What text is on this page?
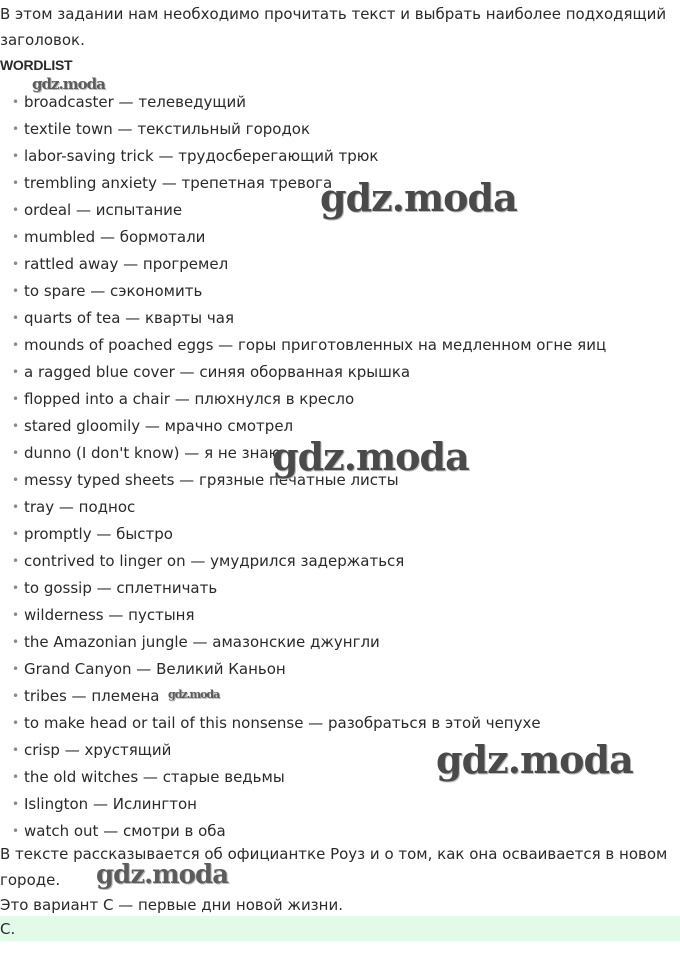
В этом задании нам необходимо прочитать текст и выбрать наиболее подходящий заголовок.

WORDLIST
• broadcaster — телеведущий
• textile town — текстильный городок
• labor-saving trick — трудосберегающий трюк
• trembling anxiety — трепетная тревога
• ordeal — испытание
• mumbled — бормотали
• rattled away — прогремел
• to spare — сэкономить
• quarts of tea — кварты чая
• mounds of poached eggs — горы приготовленных на медленном огне яиц
• a ragged blue cover — синяя оборванная крышка
• flopped into a chair — плюхнулся в кресло
• stared gloomily — мрачно смотрел
• dunno (I don't know) — я не знаю
• messy typed sheets — грязные печатные листы
• tray — поднос
• promptly — быстро
• contrived to linger on — умудрился задержаться
• to gossip — сплетничать
• wilderness — пустыня
• the Amazonian jungle — амазонские джунгли
• Grand Canyon — Великий Каньон
• tribes — племена
• to make head or tail of this nonsense — разобраться в этой чепухе
• crisp — хрустящий
• the old witches — старые ведьмы
• Islington — Ислингтон
• watch out — смотри в оба

В тексте рассказывается об официантке Роуз и о том, как она осваивается в новом городе.

Это вариант C — первые дни новой жизни.

C.
gdz.moda
gdz.moda
gdz.moda
gdz.moda
gdz.moda
gdz.moda
